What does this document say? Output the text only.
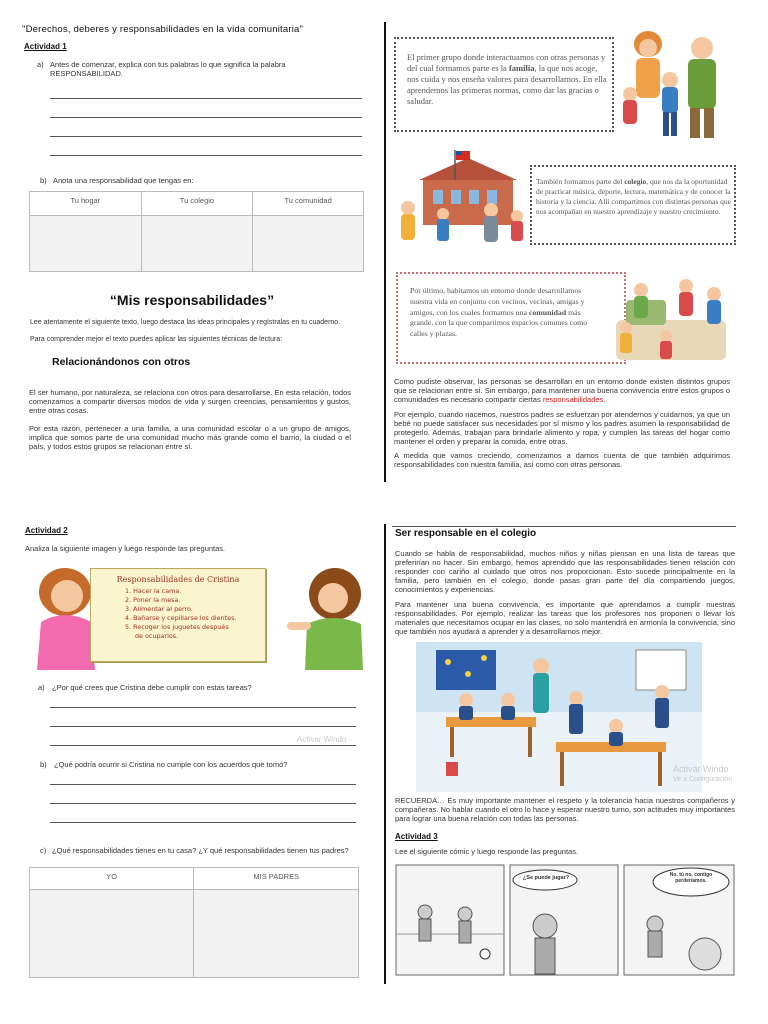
"Derechos, deberes y responsabilidades en la vida comunitaria"
Actividad 1
a) Antes de comenzar, explica con tus palabras lo que significa la palabra RESPONSABILIDAD.
b) Anota una responsabilidad que tengas en:
Tu hogar	Tu colegio	Tu comunidad

“Mis responsabilidades”
Lee atentamente el siguiente texto, luego destaca las ideas principales y regístralas en tu cuaderno.
Para comprender mejor el texto puedes aplicar las siguientes técnicas de lectura:
Relacionándonos con otros
El ser humano, por naturaleza, se relaciona con otros para desarrollarse. En esta relación, todos comenzamos a compartir diversos modos de vida y surgen creencias, pensamientos y gustos, entre otras cosas.
Por esta razón, pertenecer a una familia, a una comunidad escolar o a un grupo de amigos, implica que somos parte de una comunidad mucho más grande como el barrio, la ciudad o el país, y todos estos grupos se relacionan entre sí.
El primer grupo donde interactuamos con otras personas y del cual formamos parte es la familia, la que nos acoge, nos cuida y nos enseña valores para desarrollarnos. En ella aprendemos las primeras normas, como dar las gracias o saludar.
También formamos parte del colegio, que nos da la oportunidad de practicar música, deporte, lectura, matemática y de conocer la historia y la ciencia. Allí compartimos con distintas personas que nos acompañan en nuestro aprendizaje y nuestro crecimiento.
Por último, habitamos un entorno donde desarrollamos nuestra vida en conjunto con vecinos, vecinas, amigas y amigos, con los cuales formamos una comunidad más grande, con la que compartimos espacios comunes como calles y plazas.
Como pudiste observar, las personas se desarrollan en un entorno donde existen distintos grupos que se relacionan entre sí. Sin embargo, para mantener una buena convivencia entre estos grupos o comunidades es necesario compartir ciertas responsabilidades.
Por ejemplo, cuando nacemos, nuestros padres se esfuerzan por atendernos y cuidarnos, ya que un bebé no puede satisfacer sus necesidades por sí mismo y los padres asumen la responsabilidad de protegerlo. Además, trabajan para brindarle alimento y ropa, y cumplen las tareas del hogar como mantener el orden y preparar la comida, entre otras.
A medida que vamos creciendo, comenzamos a darnos cuenta de que también adquirimos responsabilidades con nuestra familia, así como con otras personas.
Actividad 2
Analiza la siguiente imagen y luego responde las preguntas.
Responsabilidades de Cristina
1. Hacer la cama.
2. Poner la mesa.
3. Alimentar al perro.
4. Bañarse y cepillarse los dientes.
5. Recoger los juguetes después
de ocuparlos.
a) ¿Por qué crees que Cristina debe cumplir con estas tareas?
Activar Windo
b) ¿Qué podría ocurrir si Cristina no cumple con los acuerdos que tomó?
c) ¿Qué responsabilidades tienes en tu casa? ¿Y qué responsabilidades tienen tus padres?
YO	MIS PADRES

Ser responsable en el colegio
Cuando se habla de responsabilidad, muchos niños y niñas piensan en una lista de tareas que preferirían no hacer. Sin embargo, hemos aprendido que las responsabilidades tienen relación con responder con cariño al cuidado que otros nos proporcionan. Esto sucede principalmente en la familia, pero también en el colegio, donde pasas gran parte del día compartiendo juegos, conocimientos y experiencias.
Para mantener una buena convivencia, es importante que aprendamos a cumplir nuestras responsabilidades. Por ejemplo, realizar las tareas que los profesores nos proponen o llevar los materiales que necesitamos ocupar en las clases, no solo mantendrá en armonía la convivencia, sino que también nos ayudará a aprender y a desarrollarnos mejor.
Activar Windo
Ve a Configuración
RECUERDA… Es muy importante mantener el respeto y la tolerancia hacia nuestros compañeros y compañeras. No hablar cuando el otro lo hace y esperar nuestro turno, son actitudes muy importantes para lograr una buena relación con todas las personas.
Actividad 3
Lee el siguiente cómic y luego responde las preguntas.
¿Se puede jugar?	No, tú no, contigo perderíamos.
